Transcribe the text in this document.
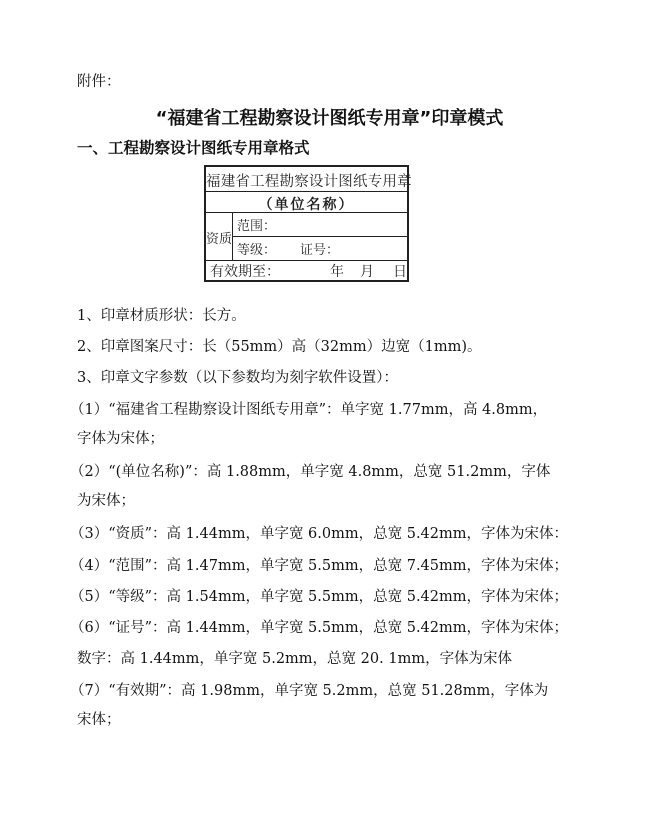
附件：
“福建省工程勘察设计图纸专用章”印章模式
一、工程勘察设计图纸专用章格式
福建省工程勘察设计图纸专用章
（单位名称）
资质
范围：
等级： 证号：
有效期至：	年 月 日
1、印章材质形状：长方。
2、印章图案尺寸：长（55mm）高（32mm）边宽（1mm)。
3、印章文字参数（以下参数均为刻字软件设置）：
（1）“福建省工程勘察设计图纸专用章”：单字宽 1.77mm，高 4.8mm，
字体为宋体；
（2）“(单位名称)”：高 1.88mm，单字宽 4.8mm，总宽 51.2mm，字体
为宋体；
（3）“资质”：高 1.44mm，单字宽 6.0mm，总宽 5.42mm，字体为宋体：
（4）“范围”：高 1.47mm，单字宽 5.5mm，总宽 7.45mm，字体为宋体；
（5）“等级”：高 1.54mm，单字宽 5.5mm，总宽 5.42mm，字体为宋体；
（6）“证号”：高 1.44mm，单字宽 5.5mm，总宽 5.42mm，字体为宋体；
数字：高 1.44mm，单字宽 5.2mm，总宽 20. 1mm，字体为宋体
（7）“有效期”：高 1.98mm，单字宽 5.2mm，总宽 51.28mm，字体为
宋体；
